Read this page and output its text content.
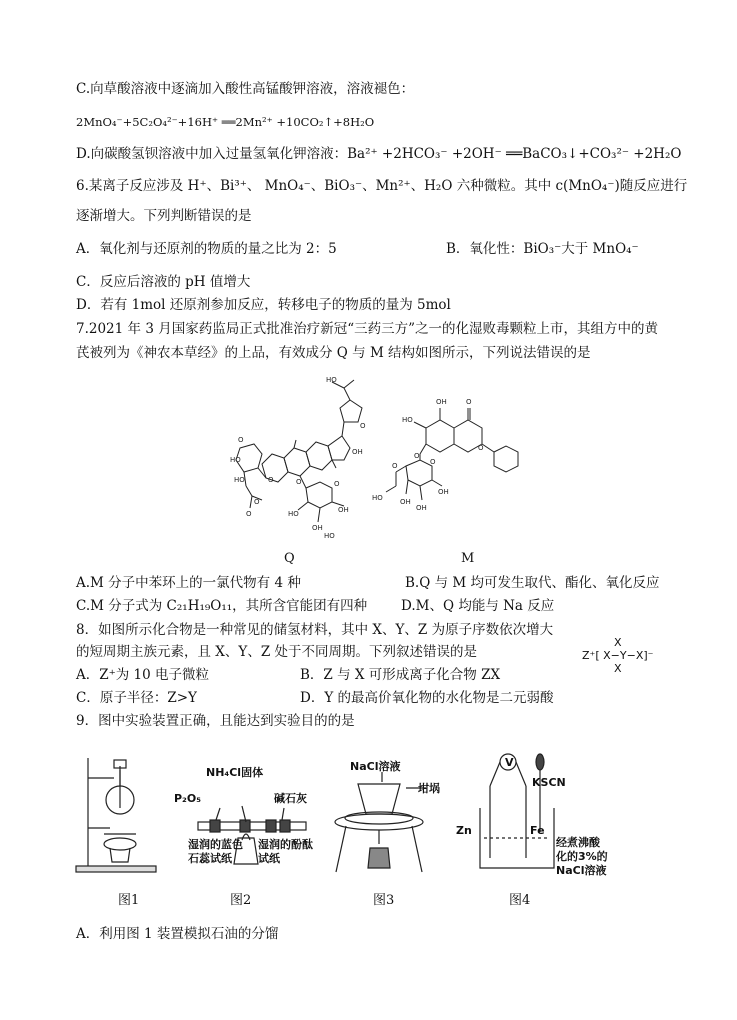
C.向草酸溶液中逐滴加入酸性高锰酸钾溶液，溶液褪色：
2MnO₄⁻+5C₂O₄²⁻+16H⁺ ══2Mn²⁺ +10CO₂↑+8H₂O
D.向碳酸氢钡溶液中加入过量氢氧化钾溶液：Ba²⁺ +2HCO₃⁻ +2OH⁻ ══BaCO₃↓+CO₃²⁻ +2H₂O
6.某离子反应涉及 H⁺、Bi³⁺、 MnO₄⁻、BiO₃⁻、Mn²⁺、H₂O 六种微粒。其中 c(MnO₄⁻)随反应进行
逐渐增大。下列判断错误的是
A．氧化剂与还原剂的物质的量之比为 2：5	B．氧化性：BiO₃⁻大于 MnO₄⁻
C．反应后溶液的 pH 值增大
D．若有 1mol 还原剂参加反应，转移电子的物质的量为 5mol
7.2021 年 3 月国家药监局正式批准治疗新冠“三药三方”之一的化湿败毒颗粒上市，其组方中的黄
芪被列为《神农本草经》的上品，有效成分 Q 与 M 结构如图所示，下列说法错误的是
HO
O
OH
O
HO
HO
O
O
O	O	O
OH
HO
OH
HO
OH	O
HO
O
O
O
O
HO OH
OH
OH
Q	M
A.M 分子中苯环上的一氯代物有 4 种	B.Q 与 M 均可发生取代、酯化、氧化反应
C.M 分子式为 C₂₁H₁₉O₁₁，其所含官能团有四种	D.M、Q 均能与 Na 反应
8．如图所示化合物是一种常见的储氢材料，其中 X、Y、Z 为原子序数依次增大
的短周期主族元素，且 X、Y、Z 处于不同周期。下列叙述错误的是
X
Z⁺[ X−Y−X]⁻
X
A．Z⁺为 10 电子微粒	B．Z 与 X 可形成离子化合物 ZX
C．原子半径：Z>Y	D．Y 的最高价氧化物的水化物是二元弱酸
9．图中实验装置正确，且能达到实验目的的是
NH₄Cl固体
P₂O₅	碱石灰
湿润的蓝色
石蕊试纸
湿润的酚酞
试纸
NaCl溶液
坩埚
V
KSCN
Zn	Fe
经煮沸酸
化的3%的
NaCl溶液
图1	图2	图3	图4
A．利用图 1 装置模拟石油的分馏
